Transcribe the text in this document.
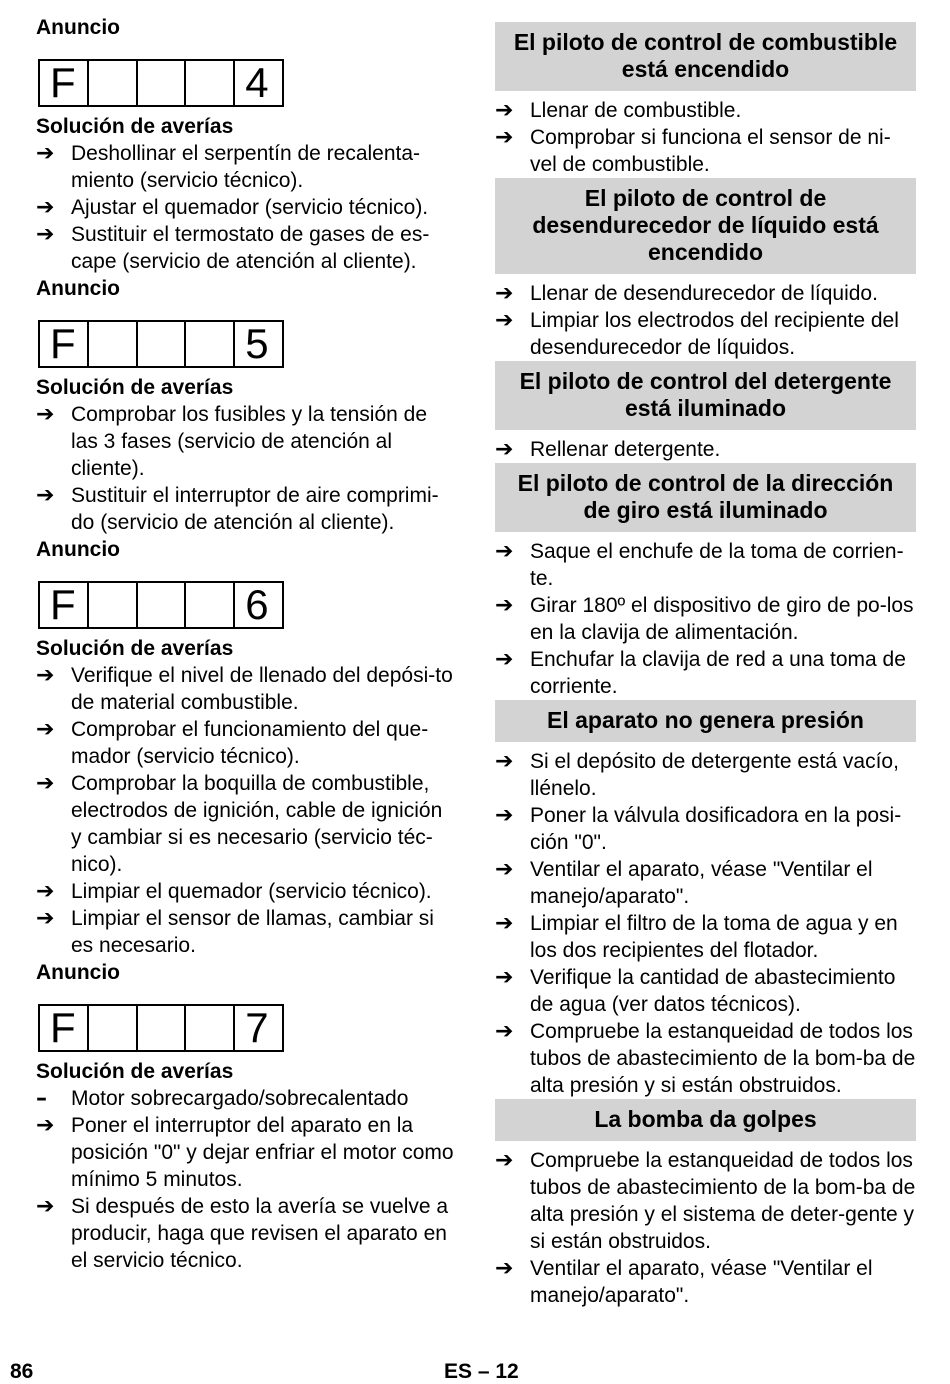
Anuncio

F	4

Solución de averías

➔ Deshollinar el serpentín de recalenta-miento (servicio técnico).
➔ Ajustar el quemador (servicio técnico).
➔ Sustituir el termostato de gases de es-cape (servicio de atención al cliente).

Anuncio

F	5

Solución de averías

➔ Comprobar los fusibles y la tensión de las 3 fases (servicio de atención al cliente).
➔ Sustituir el interruptor de aire comprimi-do (servicio de atención al cliente).

Anuncio

F	6

Solución de averías

➔ Verifique el nivel de llenado del depósi-to de material combustible.
➔ Comprobar el funcionamiento del que-mador (servicio técnico).
➔ Comprobar la boquilla de combustible, electrodos de ignición, cable de ignición y cambiar si es necesario (servicio téc-nico).
➔ Limpiar el quemador (servicio técnico).
➔ Limpiar el sensor de llamas, cambiar si es necesario.

Anuncio

F	7

Solución de averías

–	Motor sobrecargado/sobrecalentado
➔ Poner el interruptor del aparato en la posición "0" y dejar enfriar el motor como mínimo 5 minutos.
➔ Si después de esto la avería se vuelve a producir, haga que revisen el aparato en el servicio técnico.
El piloto de control de combustible está encendido
➔ Llenar de combustible.
➔ Comprobar si funciona el sensor de ni-vel de combustible.
El piloto de control de desendurecedor de líquido está encendido
➔ Llenar de desendurecedor de líquido.
➔ Limpiar los electrodos del recipiente del desendurecedor de líquidos.
El piloto de control del detergente está iluminado
➔ Rellenar detergente.
El piloto de control de la dirección de giro está iluminado
➔ Saque el enchufe de la toma de corrien-te.
➔ Girar 180º el dispositivo de giro de po-los en la clavija de alimentación.
➔ Enchufar la clavija de red a una toma de corriente.
El aparato no genera presión
➔ Si el depósito de detergente está vacío, llénelo.
➔ Poner la válvula dosificadora en la posi-ción "0".
➔ Ventilar el aparato, véase "Ventilar el manejo/aparato".
➔ Limpiar el filtro de la toma de agua y en los dos recipientes del flotador.
➔ Verifique la cantidad de abastecimiento de agua (ver datos técnicos).
➔ Compruebe la estanqueidad de todos los tubos de abastecimiento de la bom-ba de alta presión y si están obstruidos.
La bomba da golpes
➔ Compruebe la estanqueidad de todos los tubos de abastecimiento de la bom-ba de alta presión y el sistema de deter-gente y si están obstruidos.
➔ Ventilar el aparato, véase "Ventilar el manejo/aparato".
86	ES – 12
